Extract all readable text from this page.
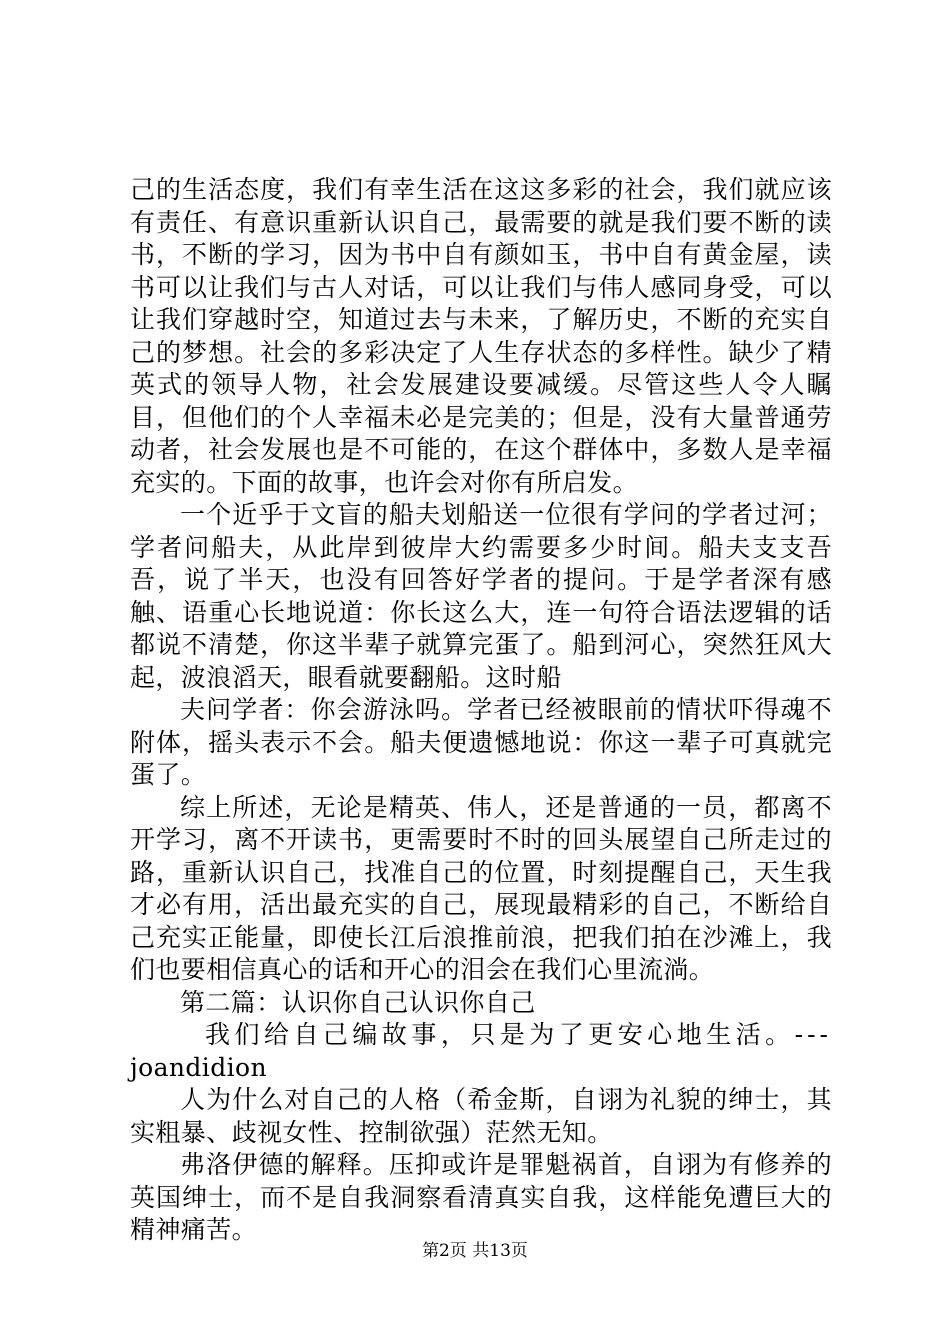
己的生活态度，我们有幸生活在这这多彩的社会，我们就应该有责任、有意识重新认识自己，最需要的就是我们要不断的读书，不断的学习，因为书中自有颜如玉，书中自有黄金屋，读书可以让我们与古人对话，可以让我们与伟人感同身受，可以让我们穿越时空，知道过去与未来，了解历史，不断的充实自己的梦想。社会的多彩决定了人生存状态的多样性。缺少了精英式的领导人物，社会发展建设要减缓。尽管这些人令人瞩目，但他们的个人幸福未必是完美的；但是，没有大量普通劳动者，社会发展也是不可能的，在这个群体中，多数人是幸福充实的。下面的故事，也许会对你有所启发。

一个近乎于文盲的船夫划船送一位很有学问的学者过河；学者问船夫，从此岸到彼岸大约需要多少时间。船夫支支吾吾，说了半天，也没有回答好学者的提问。于是学者深有感触、语重心长地说道：你长这么大，连一句符合语法逻辑的话都说不清楚，你这半辈子就算完蛋了。船到河心，突然狂风大起，波浪滔天，眼看就要翻船。这时船

夫问学者：你会游泳吗。学者已经被眼前的情状吓得魂不附体，摇头表示不会。船夫便遗憾地说：你这一辈子可真就完蛋了。

综上所述，无论是精英、伟人，还是普通的一员，都离不开学习，离不开读书，更需要时不时的回头展望自己所走过的路，重新认识自己，找准自己的位置，时刻提醒自己，天生我才必有用，活出最充实的自己，展现最精彩的自己，不断给自己充实正能量，即使长江后浪推前浪，把我们拍在沙滩上，我们也要相信真心的话和开心的泪会在我们心里流淌。

第二篇：认识你自己认识你自己

我们给自己编故事，只是为了更安心地生活。---

joandidion

人为什么对自己的人格（希金斯，自诩为礼貌的绅士，其实粗暴、歧视女性、控制欲强）茫然无知。

弗洛伊德的解释。压抑或许是罪魁祸首，自诩为有修养的英国绅士，而不是自我洞察看清真实自我，这样能免遭巨大的精神痛苦。

第2页 共13页
